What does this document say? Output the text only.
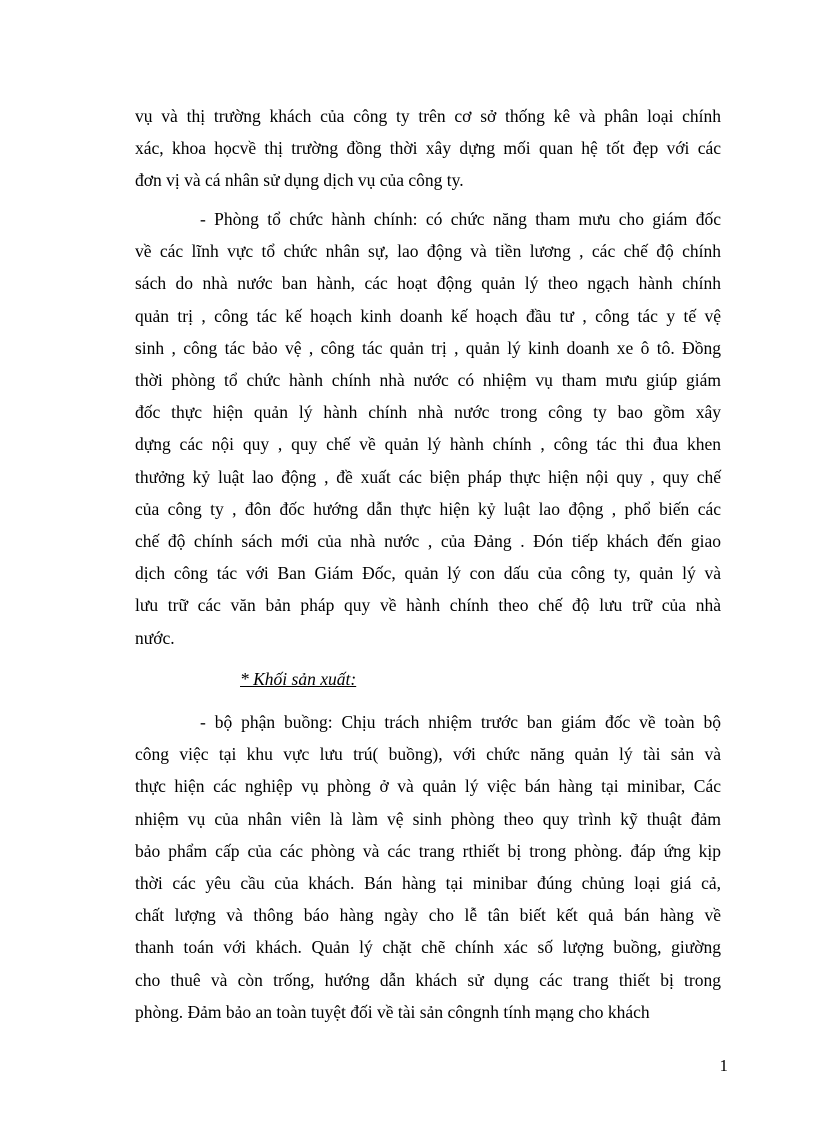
vụ và thị trường khách của công ty trên cơ sở thống kê và phân loại chính
xác, khoa họcvề thị trường đồng thời xây dựng mối quan hệ tốt đẹp với các
đơn vị và cá nhân sử dụng dịch vụ của công ty.
- Phòng tổ chức hành chính: có chức năng tham mưu cho giám đốc
về các lĩnh vực tổ chức nhân sự, lao động và tiền lương , các chế độ chính
sách do nhà nước ban hành, các hoạt động quản lý theo ngạch hành chính
quản trị , công tác kế hoạch kinh doanh kế hoạch đầu tư , công tác y tế vệ
sinh , công tác bảo vệ , công tác quản trị , quản lý kinh doanh xe ô tô. Đồng
thời phòng tổ chức hành chính nhà nước có nhiệm vụ tham mưu giúp giám
đốc thực hiện quản lý hành chính nhà nước trong công ty bao gồm xây
dựng các nội quy , quy chế về quản lý hành chính , công tác thi đua khen
thưởng kỷ luật lao động , đề xuất các biện pháp thực hiện nội quy , quy chế
của công ty , đôn đốc hướng dẫn thực hiện kỷ luật lao động , phổ biến các
chế độ chính sách mới của nhà nước , của Đảng . Đón tiếp khách đến giao
dịch công tác với Ban Giám Đốc, quản lý con dấu của công ty, quản lý và
lưu trữ các văn bản pháp quy về hành chính theo chế độ lưu trữ của nhà
nước.

* Khối sản xuất:

- bộ phận buồng: Chịu trách nhiệm trước ban giám đốc về toàn bộ
công việc tại khu vực lưu trú( buồng), với chức năng quản lý tài sản và
thực hiện các nghiệp vụ phòng ở và quản lý việc bán hàng tại minibar, Các
nhiệm vụ của nhân viên là làm vệ sinh phòng theo quy trình kỹ thuật đảm
bảo phẩm cấp của các phòng và các trang rthiết bị trong phòng. đáp ứng kịp
thời các yêu cầu của khách. Bán hàng tại minibar đúng chủng loại giá cả,
chất lượng và thông báo hàng ngày cho lễ tân biết kết quả bán hàng về
thanh toán với khách. Quản lý chặt chẽ chính xác số lượng buồng, giường
cho thuê và còn trống, hướng dẫn khách sử dụng các trang thiết bị trong
phòng. Đảm bảo an toàn tuyệt đối về tài sản côngnh tính mạng cho khách
1
